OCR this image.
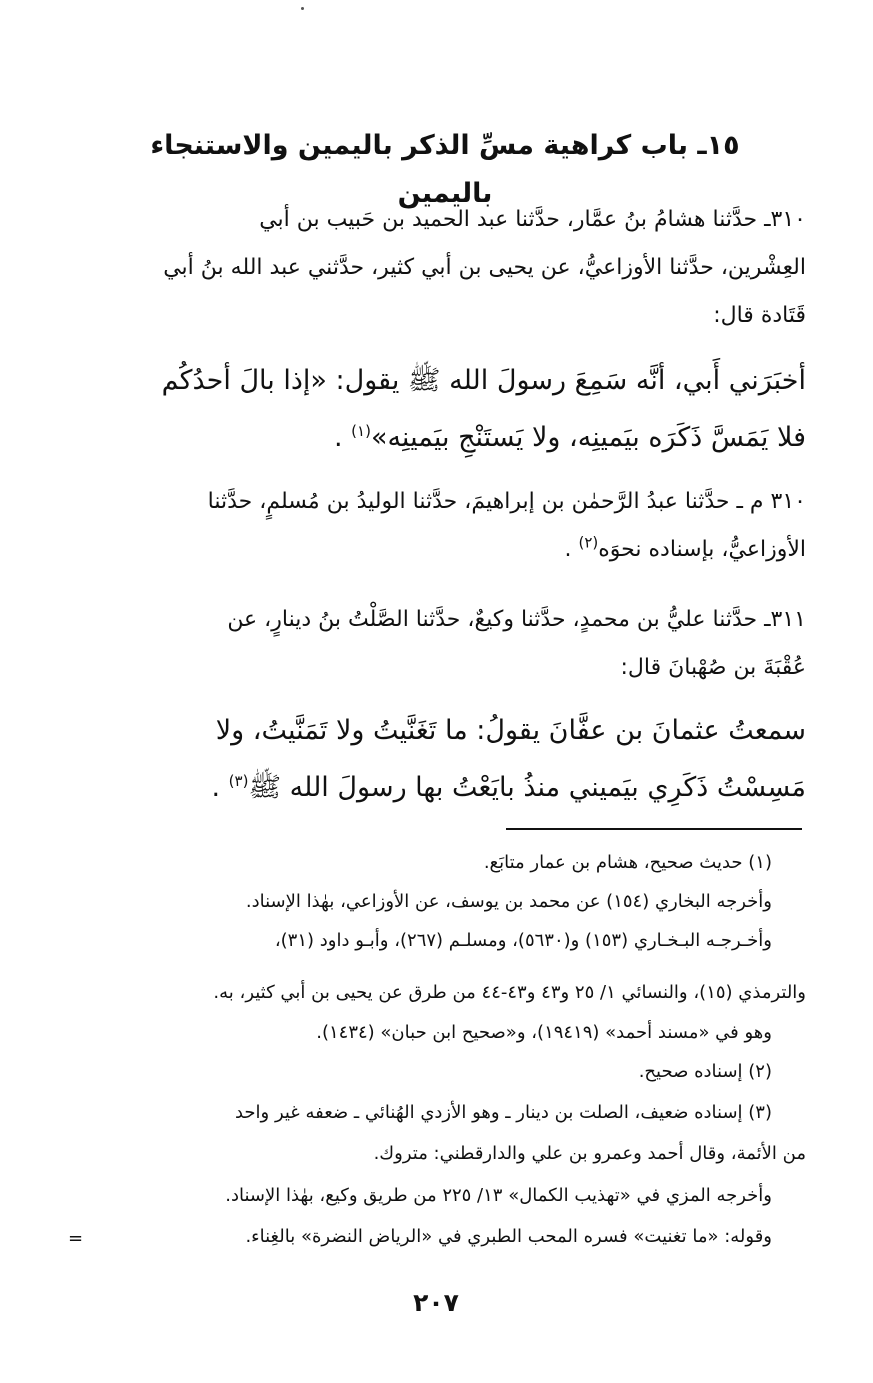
١٥ـ باب كراهية مسِّ الذكر باليمين والاستنجاء باليمين
٣١٠ـ حدَّثنا هشامُ بنُ عمَّار، حدَّثنا عبد الحميد بن حَبيب بن أبي
العِشْرين، حدَّثنا الأوزاعيُّ، عن يحيى بن أبي كثير، حدَّثني عبد الله بنُ أبي
قَتَادة قال:
أخبَرَني أَبي، أنَّه سَمِعَ رسولَ الله ﷺ يقول: «إذا بالَ أحدُكُم
فلا يَمَسَّ ذَكَرَه بيَمينِه، ولا يَستَنْجِ بيَمينِه»$^{(١)}$ .
٣١٠ م ـ حدَّثنا عبدُ الرَّحمٰن بن إبراهيمَ، حدَّثنا الوليدُ بن مُسلمٍ، حدَّثنا
الأوزاعيُّ، بإسناده نحوَه$^{(٢)}$ .
٣١١ـ حدَّثنا عليُّ بن محمدٍ، حدَّثنا وكيعٌ، حدَّثنا الصَّلْتُ بنُ دينارٍ، عن
عُقْبَةَ بن صُهْبانَ قال:
سمعتُ عثمانَ بن عفَّانَ يقولُ: ما تَغَنَّيتُ ولا تَمَنَّيتُ، ولا
مَسِسْتُ ذَكَرِي بيَميني منذُ بايَعْتُ بها رسولَ الله ﷺ$^{(٣)}$ .
(١) حديث صحيح، هشام بن عمار متابَع.
وأخرجه البخاري (١٥٤) عن محمد بن يوسف، عن الأوزاعي، بهٰذا الإسناد.
وأخـرجـه البـخـاري (١٥٣) و(٥٦٣٠)، ومسلـم (٢٦٧)، وأبـو داود (٣١)،
والترمذي (١٥)، والنسائي ١/ ٢٥ و٤٣ و٤٣-٤٤ من طرق عن يحيى بن أبي كثير، به.
وهو في «مسند أحمد» (١٩٤١٩)، و«صحيح ابن حبان» (١٤٣٤).
(٢) إسناده صحيح.
(٣) إسناده ضعيف، الصلت بن دينار ـ وهو الأزدي الهُنائي ـ ضعفه غير واحد
من الأئمة، وقال أحمد وعمرو بن علي والدارقطني: متروك.
وأخرجه المزي في «تهذيب الكمال» ١٣/ ٢٢٥ من طريق وكيع، بهٰذا الإسناد.
وقوله: «ما تغنيت» فسره المحب الطبري في «الرياض النضرة» بالغِناء.
=
٢٠٧
